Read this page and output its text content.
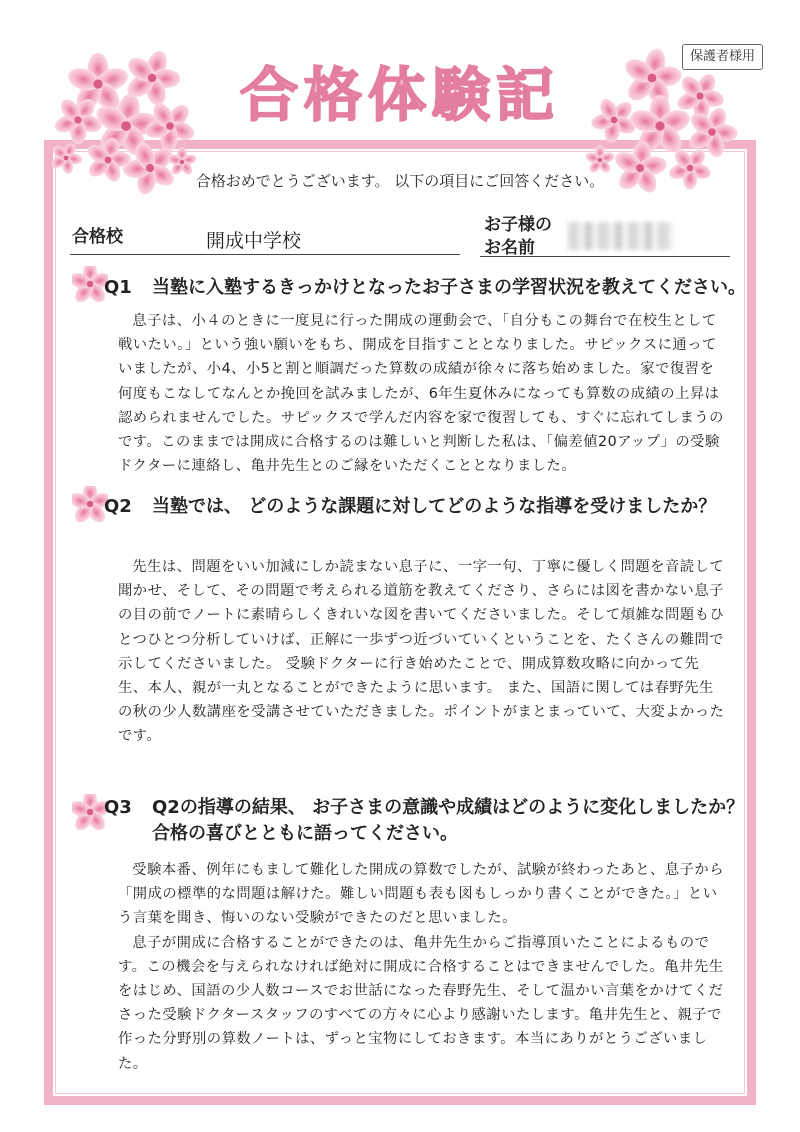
合格体験記
保護者様用
合格おめでとうございます。 以下の項目にご回答ください。
合格校	開成中学校
お子様の
お名前
Q1 当塾に入塾するきっかけとなったお子さまの学習状況を教えてください。

息子は、小４のときに一度見に行った開成の運動会で、「自分もこの舞台で在校生として戦いたい。」という強い願いをもち、開成を目指すこととなりました。サピックスに通っていましたが、小4、小5と割と順調だった算数の成績が徐々に落ち始めました。家で復習を何度もこなしてなんとか挽回を試みましたが、6年生夏休みになっても算数の成績の上昇は認められませんでした。サピックスで学んだ内容を家で復習しても、すぐに忘れてしまうのです。このままでは開成に合格するのは難しいと判断した私は、「偏差値20アップ」の受験ドクターに連絡し、亀井先生とのご縁をいただくこととなりました。

Q2 当塾では、 どのような課題に対してどのような指導を受けましたか？

先生は、問題をいい加減にしか読まない息子に、一字一句、丁寧に優しく問題を音読して聞かせ、そして、その問題で考えられる道筋を教えてくださり、さらには図を書かない息子の目の前でノートに素晴らしくきれいな図を書いてくださいました。そして煩雑な問題もひとつひとつ分析していけば、正解に一歩ずつ近づいていくということを、たくさんの難問で示してくださいました。 受験ドクターに行き始めたことで、開成算数攻略に向かって先生、本人、親が一丸となることができたように思います。 また、国語に関しては春野先生の秋の少人数講座を受講させていただきました。ポイントがまとまっていて、大変よかったです。

Q3 Q2の指導の結果、 お子さまの意識や成績はどのように変化しましたか？
合格の喜びとともに語ってください。

受験本番、例年にもまして難化した開成の算数でしたが、試験が終わったあと、息子から「開成の標準的な問題は解けた。難しい問題も表も図もしっかり書くことができた。」という言葉を聞き、悔いのない受験ができたのだと思いました。

息子が開成に合格することができたのは、亀井先生からご指導頂いたことによるものです。この機会を与えられなければ絶対に開成に合格することはできませんでした。亀井先生をはじめ、国語の少人数コースでお世話になった春野先生、そして温かい言葉をかけてくださった受験ドクタースタッフのすべての方々に心より感謝いたします。亀井先生と、親子で作った分野別の算数ノートは、ずっと宝物にしておきます。本当にありがとうございました。
